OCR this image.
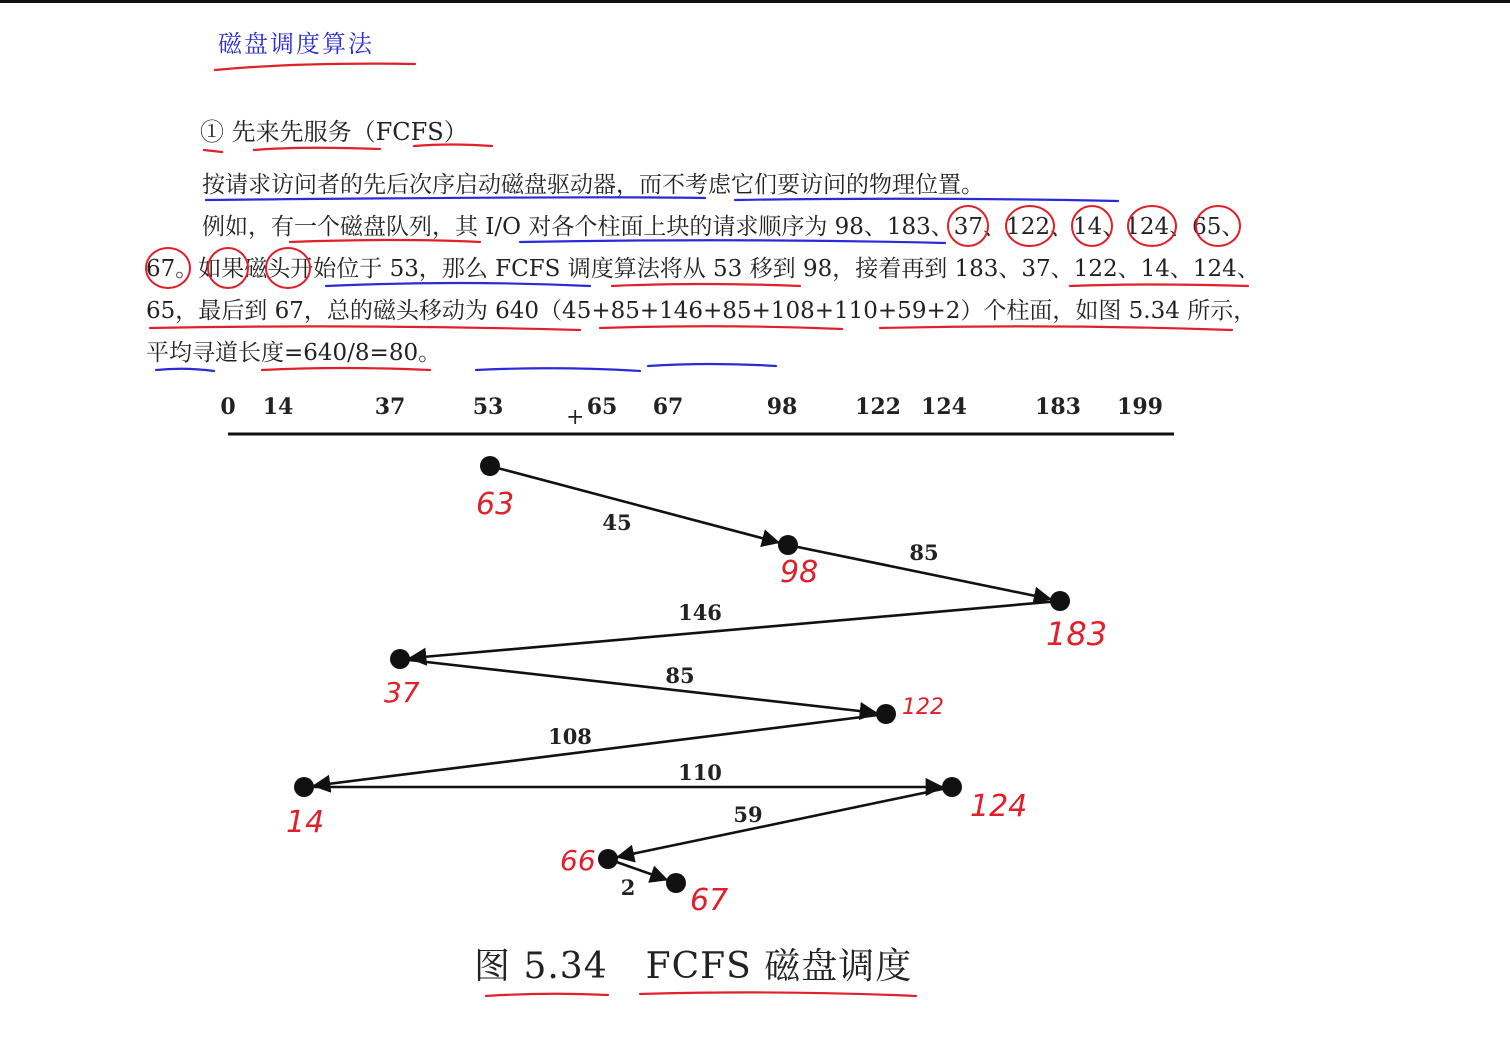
磁盘调度算法
① 先来先服务（FCFS）

按请求访问者的先后次序启动磁盘驱动器，而不考虑它们要访问的物理位置。

例如，有一个磁盘队列，其 I/O 对各个柱面上块的请求顺序为 98、183、37、122、14、124、65、67。如果磁头开始位于 53，那么 FCFS 调度算法将从 53 移到 98，接着再到 183、37、122、14、124、65，最后到 67，总的磁头移动为 640（45+85+146+85+108+110+59+2）个柱面，如图 5.34 所示，平均寻道长度=640/8=80。

0 14	37	53	65 67	98	122 124	183 199
+
45
85
146
85
108
110
59
2
63
98
183
37	122
14	124
66
67
图 5.34 FCFS 磁盘调度
